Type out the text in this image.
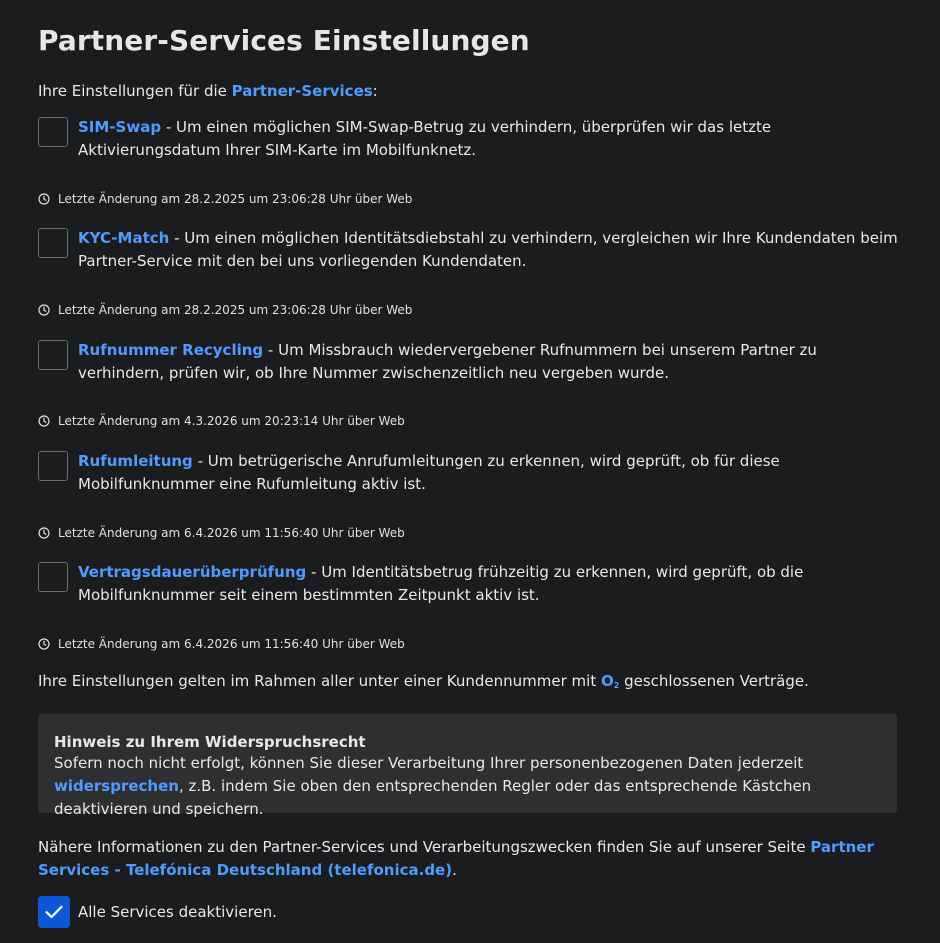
Partner-Services Einstellungen
Ihre Einstellungen für die Partner-Services:
SIM-Swap - Um einen möglichen SIM-Swap-Betrug zu verhindern, überprüfen wir das letzte Aktivierungsdatum Ihrer SIM-Karte im Mobilfunknetz.
Letzte Änderung am 28.2.2025 um 23:06:28 Uhr über Web
KYC-Match - Um einen möglichen Identitätsdiebstahl zu verhindern, vergleichen wir Ihre Kundendaten beim Partner-Service mit den bei uns vorliegenden Kundendaten.
Letzte Änderung am 28.2.2025 um 23:06:28 Uhr über Web
Rufnummer Recycling - Um Missbrauch wiedervergebener Rufnummern bei unserem Partner zu verhindern, prüfen wir, ob Ihre Nummer zwischenzeitlich neu vergeben wurde.
Letzte Änderung am 4.3.2026 um 20:23:14 Uhr über Web
Rufumleitung - Um betrügerische Anrufumleitungen zu erkennen, wird geprüft, ob für diese Mobilfunknummer eine Rufumleitung aktiv ist.
Letzte Änderung am 6.4.2026 um 11:56:40 Uhr über Web
Vertragsdauerüberprüfung - Um Identitätsbetrug frühzeitig zu erkennen, wird geprüft, ob die Mobilfunknummer seit einem bestimmten Zeitpunkt aktiv ist.
Letzte Änderung am 6.4.2026 um 11:56:40 Uhr über Web
Ihre Einstellungen gelten im Rahmen aller unter einer Kundennummer mit $O_2$ geschlossenen Verträge.
Hinweis zu Ihrem Widerspruchsrecht
Sofern noch nicht erfolgt, können Sie dieser Verarbeitung Ihrer personenbezogenen Daten jederzeit widersprechen, z.B. indem Sie oben den entsprechenden Regler oder das entsprechende Kästchen deaktivieren und speichern.
Nähere Informationen zu den Partner-Services und Verarbeitungszwecken finden Sie auf unserer Seite Partner Services - Telefónica Deutschland (telefonica.de).
Alle Services deaktivieren.
